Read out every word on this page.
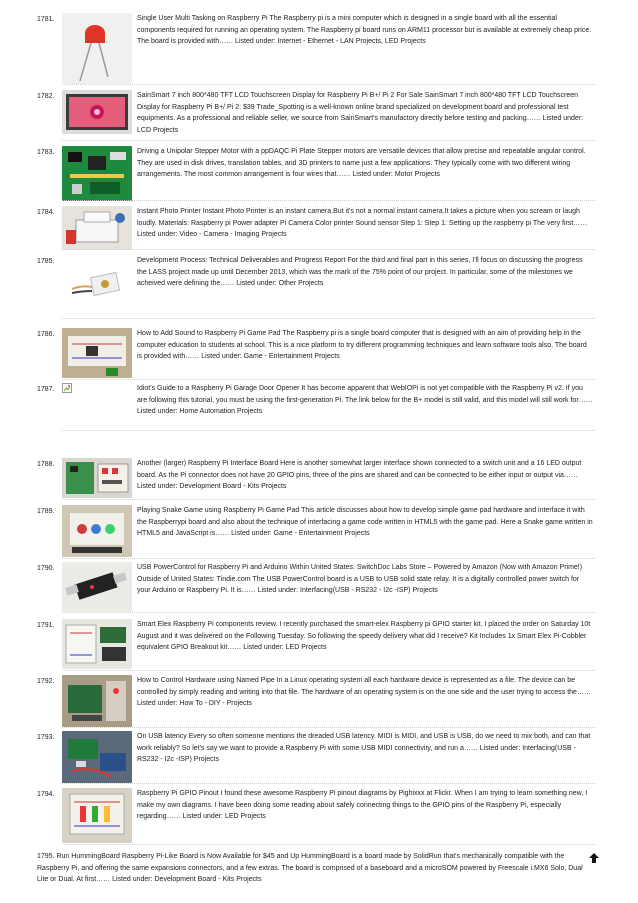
1781.	Single User Multi Tasking on Raspberry Pi The Raspberry pi is a mini computer which is designed in a single board with all the essential components required for running an operating system. The Raspberry pi board runs on ARM11 processor but is available at extremely cheap price. The board is provided with…… Listed under: Internet - Ethernet - LAN Projects, LED Projects

1782.	SainSmart 7 inch 800*480 TFT LCD Touchscreen Display for Raspberry Pi B+/ Pi 2 For Sale SainSmart 7 inch 800*480 TFT LCD Touchscreen Display for Raspberry Pi B+/ Pi 2: $39 Trade_Spotting is a well-known online brand specialized on development board and professional test equipments. As a professional and reliable seller, we source from SainSmart's manufactory directly before testing and packing…… Listed under: LCD Projects

1783.	Driving a Unipolar Stepper Motor with a ppDAQC Pi Plate Stepper motors are versatile devices that allow precise and repeatable angular control. They are used in disk drives, translation tables, and 3D printers to name just a few applications. They typically come with two different wiring arrangements. The most common arrangement is four wires that…… Listed under: Motor Projects

1784.	Instant Photo Printer Instant Photo Printer is an instant camera.But it's not a normal instant camera.It takes a picture when you scream or laugh loudly. Materials: Raspberry pi Power adapter Pi Camera Color printer Sound sensor Step 1: Step 1: Setting up the raspberry pi The very first…… Listed under: Video - Camera - Imaging Projects

1785.	Development Process: Technical Deliverables and Progress Report For the third and final part in this series, I'll focus on discussing the progress the LASS project made up until December 2013, which was the mark of the 75% point of our project. In particular, some of the milestones we acheived were defining the…… Listed under: Other Projects

1786.	How to Add Sound to Raspberry Pi Game Pad The Raspberry pi is a single board computer that is designed with an aim of providing help in the computer education to students at school. This is a nice platform to try different programming techniques and learn software tools also. The board is provided with…… Listed under: Game - Entertainment Projects

1787.	Idiot's Guide to a Raspberry Pi Garage Door Opener It has become apparent that WebIOPi is not yet compatible with the Raspberry Pi v2. If you are following this tutorial, you must be using the first-generation Pi. The link below for the B+ model is still valid, and this model will still work for…… Listed under: Home Automation Projects

1788.	Another (larger) Raspberry Pi Interface Board Here is another somewhat larger interface shown connected to a switch unit and a 16 LED output board. As the Pi connector does not have 20 GPIO pins, three of the pins are shared and can be connected to be either input or output via…… Listed under: Development Board - Kits Projects

1789.	Playing Snake Game using Raspberry Pi Game Pad This article discusses about how to develop simple game pad hardware and interface it with the Raspberrypi board and also about the technique of interfacing a game code written in HTML5 with the game pad. Here a Snake game written in HTML5 and JavaScript is…… Listed under: Game - Entertainment Projects

1790.	USB PowerControl for Raspberry Pi and Arduino Within United States: SwitchDoc Labs Store – Powered by Amazon (Now with Amazon Prime!) Outside of United States: Tindie.com The USB PowerControl board is a USB to USB solid state relay. It is a digitally controlled power switch for your Arduino or Raspberry Pi. It is…… Listed under: Interfacing(USB - RS232 - I2c -ISP) Projects

1791.	Smart Elex Raspberry Pi components review. I recently purchased the smart-elex Raspberry pi GPIO starter kit. I placed the order on Saturday 10t August and it was delivered on the Following Tuesday. So following the speedy delivery what did I receive? Kit Includes 1x Smart Elex Pi-Cobbler equivalent GPIO Breakout kit…… Listed under: LED Projects

1792.	How to Control Hardware using Named Pipe In a Linux operating system all each hardware device is represented as a file. The device can be controlled by simply reading and writing into that file. The hardware of an operating system is on the one side and the user trying to access the…… Listed under: How To - DIY - Projects

1793.	On USB latency Every so often someone mentions the dreaded USB latency. MIDI is MIDI, and USB is USB, do we need to mix both, and can that work reliably? So let's say we want to provide a Raspberry Pi with some USB MIDI connectivity, and run a…… Listed under: Interfacing(USB - RS232 - I2c -ISP) Projects

1794.	Raspberry Pi GPIO Pinout I found these awesome Raspberry Pi pinout diagrams by Pighixxx at Flickr. When I am trying to learn something new, I make my own diagrams. I have been doing some reading about safely connecting things to the GPIO pins of the Raspberry Pi, especially regarding…… Listed under: LED Projects

1795. Run HummingBoard Raspberry Pi-Like Board is Now Available for $45 and Up HummingBoard is a board made by SolidRun that's mechanically compatible with the Raspberry Pi, and offering the same expansions connectors, and a few extras. The board is comprised of a baseboard and a microSOM powered by Freescale i.MX6 Solo, Dual Lite or Dual. At first…… Listed under: Development Board - Kits Projects
